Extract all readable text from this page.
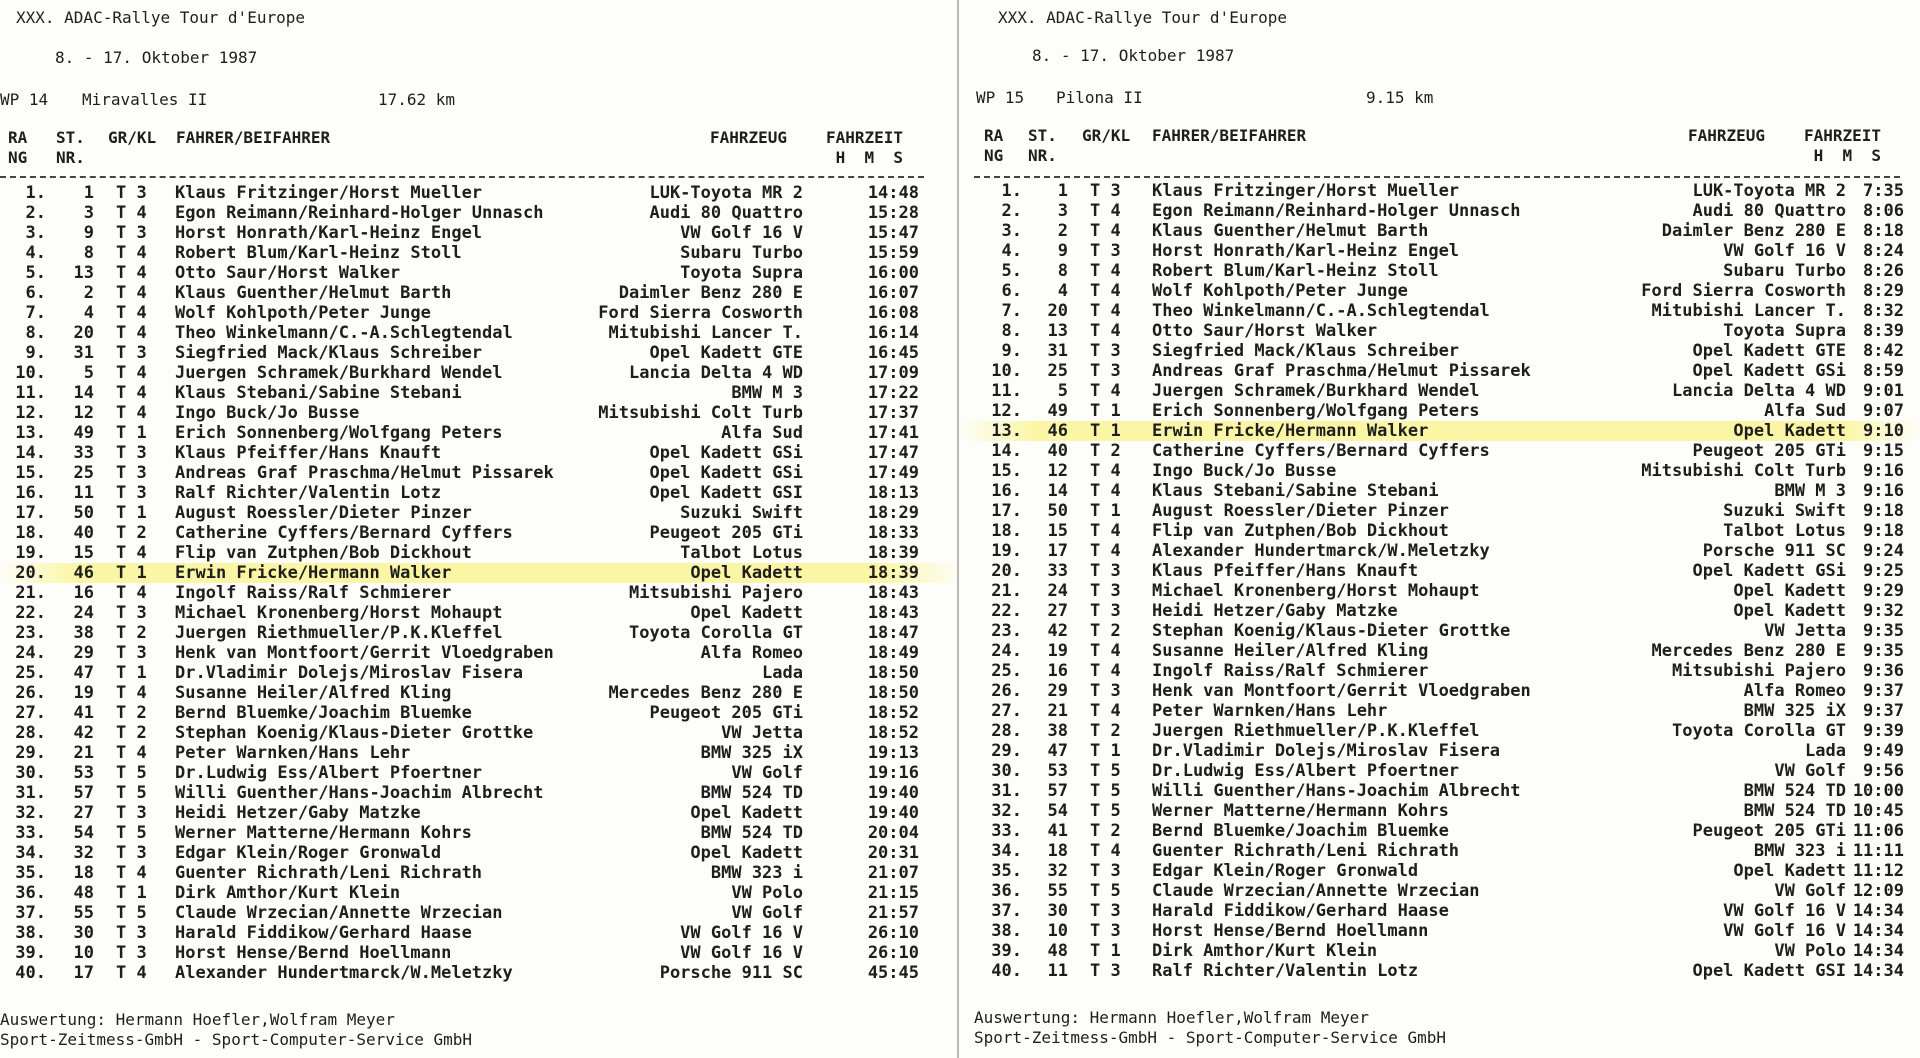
XXX. ADAC-Rallye Tour d'Europe
8. - 17. Oktober 1987
WP 14 Miravalles II	17.62 km
RA
NG
ST.
NR.
GR/KL FAHRER/BEIFAHRER	FAHRZEUG FAHRZEIT
H  M  S
1.	1 T 3 Klaus Fritzinger/Horst Mueller	LUK-Toyota MR 2	14:48
2.	3 T 4 Egon Reimann/Reinhard-Holger Unnasch	Audi 80 Quattro	15:28
3.	9 T 3 Horst Honrath/Karl-Heinz Engel	VW Golf 16 V	15:47
4.	8 T 4 Robert Blum/Karl-Heinz Stoll	Subaru Turbo	15:59
5.	13 T 4 Otto Saur/Horst Walker	Toyota Supra	16:00
6.	2 T 4 Klaus Guenther/Helmut Barth	Daimler Benz 280 E	16:07
7.	4 T 4 Wolf Kohlpoth/Peter Junge	Ford Sierra Cosworth	16:08
8.	20 T 4 Theo Winkelmann/C.-A.Schlegtendal	Mitubishi Lancer T.	16:14
9.	31 T 3 Siegfried Mack/Klaus Schreiber	Opel Kadett GTE	16:45
10.	5 T 4 Juergen Schramek/Burkhard Wendel	Lancia Delta 4 WD	17:09
11.	14 T 4 Klaus Stebani/Sabine Stebani	BMW M 3	17:22
12.	12 T 4 Ingo Buck/Jo Busse	Mitsubishi Colt Turb	17:37
13.	49 T 1 Erich Sonnenberg/Wolfgang Peters	Alfa Sud	17:41
14.	33 T 3 Klaus Pfeiffer/Hans Knauft	Opel Kadett GSi	17:47
15.	25 T 3 Andreas Graf Praschma/Helmut Pissarek	Opel Kadett GSi	17:49
16.	11 T 3 Ralf Richter/Valentin Lotz	Opel Kadett GSI	18:13
17.	50 T 1 August Roessler/Dieter Pinzer	Suzuki Swift	18:29
18.	40 T 2 Catherine Cyffers/Bernard Cyffers	Peugeot 205 GTi	18:33
19.	15 T 4 Flip van Zutphen/Bob Dickhout	Talbot Lotus	18:39
20.	46 T 1 Erwin Fricke/Hermann Walker	Opel Kadett	18:39
21.	16 T 4 Ingolf Raiss/Ralf Schmierer	Mitsubishi Pajero	18:43
22.	24 T 3 Michael Kronenberg/Horst Mohaupt	Opel Kadett	18:43
23.	38 T 2 Juergen Riethmueller/P.K.Kleffel	Toyota Corolla GT	18:47
24.	29 T 3 Henk van Montfoort/Gerrit Vloedgraben	Alfa Romeo	18:49
25.	47 T 1 Dr.Vladimir Dolejs/Miroslav Fisera	Lada	18:50
26.	19 T 4 Susanne Heiler/Alfred Kling	Mercedes Benz 280 E	18:50
27.	41 T 2 Bernd Bluemke/Joachim Bluemke	Peugeot 205 GTi	18:52
28.	42 T 2 Stephan Koenig/Klaus-Dieter Grottke	VW Jetta	18:52
29.	21 T 4 Peter Warnken/Hans Lehr	BMW 325 iX	19:13
30.	53 T 5 Dr.Ludwig Ess/Albert Pfoertner	VW Golf	19:16
31.	57 T 5 Willi Guenther/Hans-Joachim Albrecht	BMW 524 TD	19:40
32.	27 T 3 Heidi Hetzer/Gaby Matzke	Opel Kadett	19:40
33.	54 T 5 Werner Matterne/Hermann Kohrs	BMW 524 TD	20:04
34.	32 T 3 Edgar Klein/Roger Gronwald	Opel Kadett	20:31
35.	18 T 4 Guenter Richrath/Leni Richrath	BMW 323 i	21:07
36.	48 T 1 Dirk Amthor/Kurt Klein	VW Polo	21:15
37.	55 T 5 Claude Wrzecian/Annette Wrzecian	VW Golf	21:57
38.	30 T 3 Harald Fiddikow/Gerhard Haase	VW Golf 16 V	26:10
39.	10 T 3 Horst Hense/Bernd Hoellmann	VW Golf 16 V	26:10
40.	17 T 4 Alexander Hundertmarck/W.Meletzky	Porsche 911 SC	45:45
Auswertung: Hermann Hoefler,Wolfram Meyer
Sport-Zeitmess-GmbH - Sport-Computer-Service GmbH
XXX. ADAC-Rallye Tour d'Europe
8. - 17. Oktober 1987
WP 15 Pilona II	9.15 km
RA
NG
ST.
NR.
GR/KL FAHRER/BEIFAHRER	FAHRZEUG FAHRZEIT
H  M  S
1.	1 T 3 Klaus Fritzinger/Horst Mueller	LUK-Toyota MR 2 7:35
2.	3 T 4 Egon Reimann/Reinhard-Holger Unnasch	Audi 80 Quattro 8:06
3.	2 T 4 Klaus Guenther/Helmut Barth	Daimler Benz 280 E 8:18
4.	9 T 3 Horst Honrath/Karl-Heinz Engel	VW Golf 16 V 8:24
5.	8 T 4 Robert Blum/Karl-Heinz Stoll	Subaru Turbo 8:26
6.	4 T 4 Wolf Kohlpoth/Peter Junge	Ford Sierra Cosworth 8:29
7.	20 T 4 Theo Winkelmann/C.-A.Schlegtendal	Mitubishi Lancer T. 8:32
8.	13 T 4 Otto Saur/Horst Walker	Toyota Supra 8:39
9.	31 T 3 Siegfried Mack/Klaus Schreiber	Opel Kadett GTE 8:42
10.	25 T 3 Andreas Graf Praschma/Helmut Pissarek	Opel Kadett GSi 8:59
11.	5 T 4 Juergen Schramek/Burkhard Wendel	Lancia Delta 4 WD 9:01
12.	49 T 1 Erich Sonnenberg/Wolfgang Peters	Alfa Sud 9:07
13.	46 T 1 Erwin Fricke/Hermann Walker	Opel Kadett 9:10
14.	40 T 2 Catherine Cyffers/Bernard Cyffers	Peugeot 205 GTi 9:15
15.	12 T 4 Ingo Buck/Jo Busse	Mitsubishi Colt Turb 9:16
16.	14 T 4 Klaus Stebani/Sabine Stebani	BMW M 3 9:16
17.	50 T 1 August Roessler/Dieter Pinzer	Suzuki Swift 9:18
18.	15 T 4 Flip van Zutphen/Bob Dickhout	Talbot Lotus 9:18
19.	17 T 4 Alexander Hundertmarck/W.Meletzky	Porsche 911 SC 9:24
20.	33 T 3 Klaus Pfeiffer/Hans Knauft	Opel Kadett GSi 9:25
21.	24 T 3 Michael Kronenberg/Horst Mohaupt	Opel Kadett 9:29
22.	27 T 3 Heidi Hetzer/Gaby Matzke	Opel Kadett 9:32
23.	42 T 2 Stephan Koenig/Klaus-Dieter Grottke	VW Jetta 9:35
24.	19 T 4 Susanne Heiler/Alfred Kling	Mercedes Benz 280 E 9:35
25.	16 T 4 Ingolf Raiss/Ralf Schmierer	Mitsubishi Pajero 9:36
26.	29 T 3 Henk van Montfoort/Gerrit Vloedgraben	Alfa Romeo 9:37
27.	21 T 4 Peter Warnken/Hans Lehr	BMW 325 iX 9:37
28.	38 T 2 Juergen Riethmueller/P.K.Kleffel	Toyota Corolla GT 9:39
29.	47 T 1 Dr.Vladimir Dolejs/Miroslav Fisera	Lada 9:49
30.	53 T 5 Dr.Ludwig Ess/Albert Pfoertner	VW Golf 9:56
31.	57 T 5 Willi Guenther/Hans-Joachim Albrecht	BMW 524 TD 10:00
32.	54 T 5 Werner Matterne/Hermann Kohrs	BMW 524 TD 10:45
33.	41 T 2 Bernd Bluemke/Joachim Bluemke	Peugeot 205 GTi 11:06
34.	18 T 4 Guenter Richrath/Leni Richrath	BMW 323 i 11:11
35.	32 T 3 Edgar Klein/Roger Gronwald	Opel Kadett 11:12
36.	55 T 5 Claude Wrzecian/Annette Wrzecian	VW Golf 12:09
37.	30 T 3 Harald Fiddikow/Gerhard Haase	VW Golf 16 V 14:34
38.	10 T 3 Horst Hense/Bernd Hoellmann	VW Golf 16 V 14:34
39.	48 T 1 Dirk Amthor/Kurt Klein	VW Polo 14:34
40.	11 T 3 Ralf Richter/Valentin Lotz	Opel Kadett GSI 14:34
Auswertung: Hermann Hoefler,Wolfram Meyer
Sport-Zeitmess-GmbH - Sport-Computer-Service GmbH
